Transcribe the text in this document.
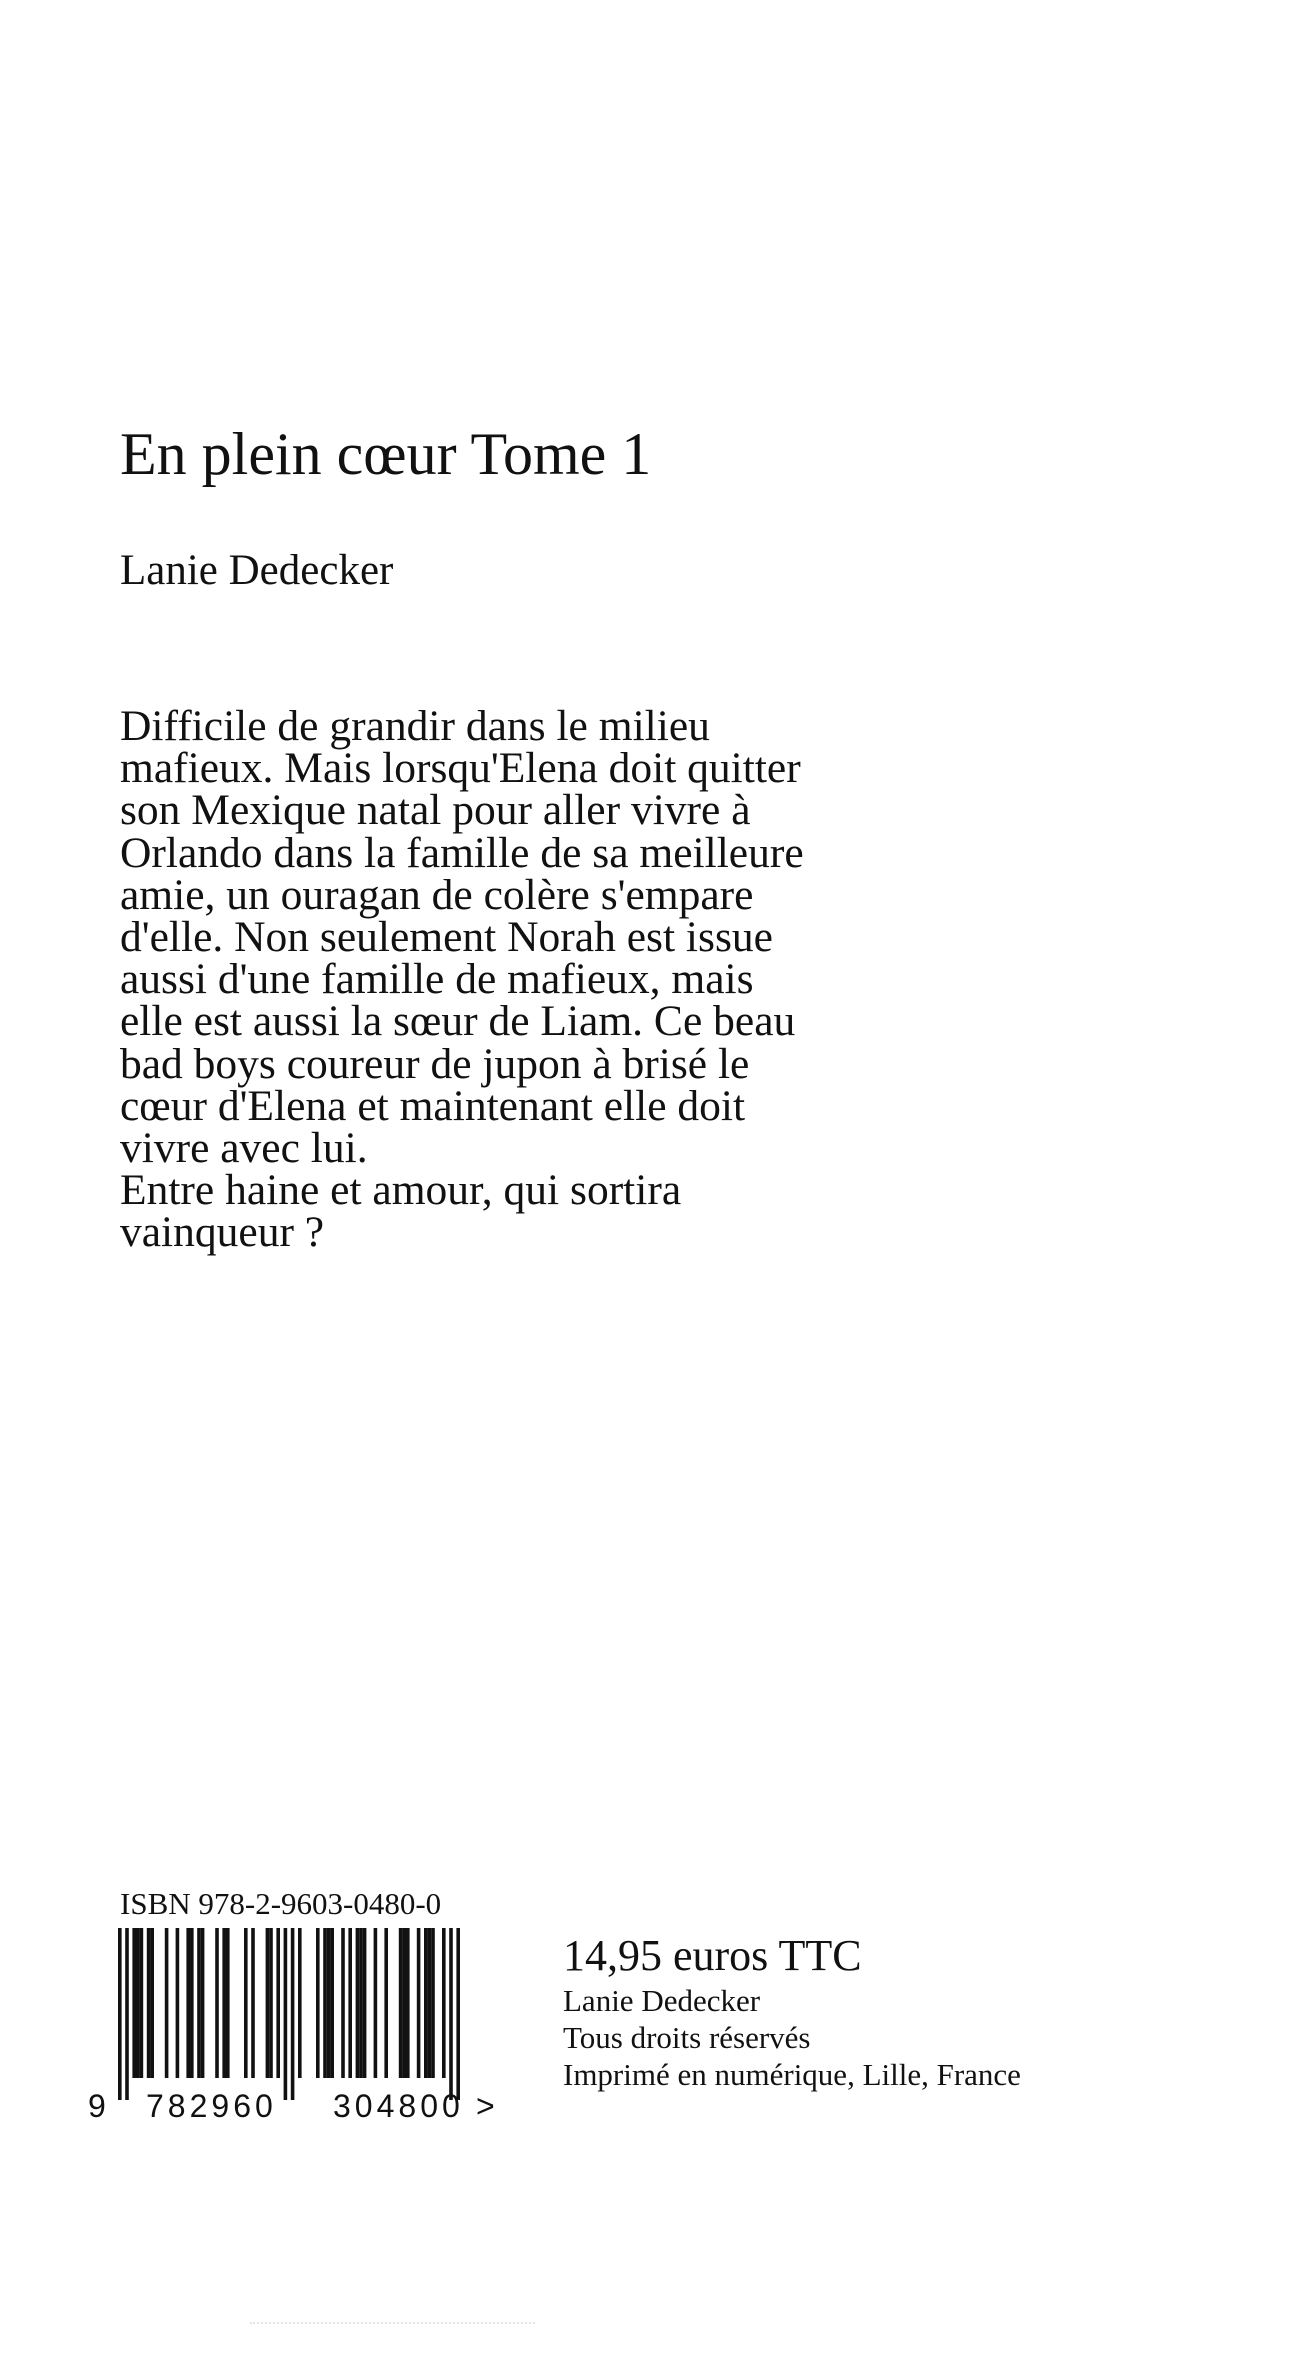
En plein cœur Tome 1
Lanie Dedecker
Difficile de grandir dans le milieu
mafieux. Mais lorsqu'Elena doit quitter
son Mexique natal pour aller vivre à
Orlando dans la famille de sa meilleure
amie, un ouragan de colère s'empare
d'elle. Non seulement Norah est issue
aussi d'une famille de mafieux, mais
elle est aussi la sœur de Liam. Ce beau
bad boys coureur de jupon à brisé le
cœur d'Elena et maintenant elle doit
vivre avec lui.
Entre haine et amour, qui sortira
vainqueur ?
ISBN 978-2-9603-0480-0
9 782960 304800 >
14,95 euros TTC
Lanie Dedecker
Tous droits réservés
Imprimé en numérique, Lille, France
